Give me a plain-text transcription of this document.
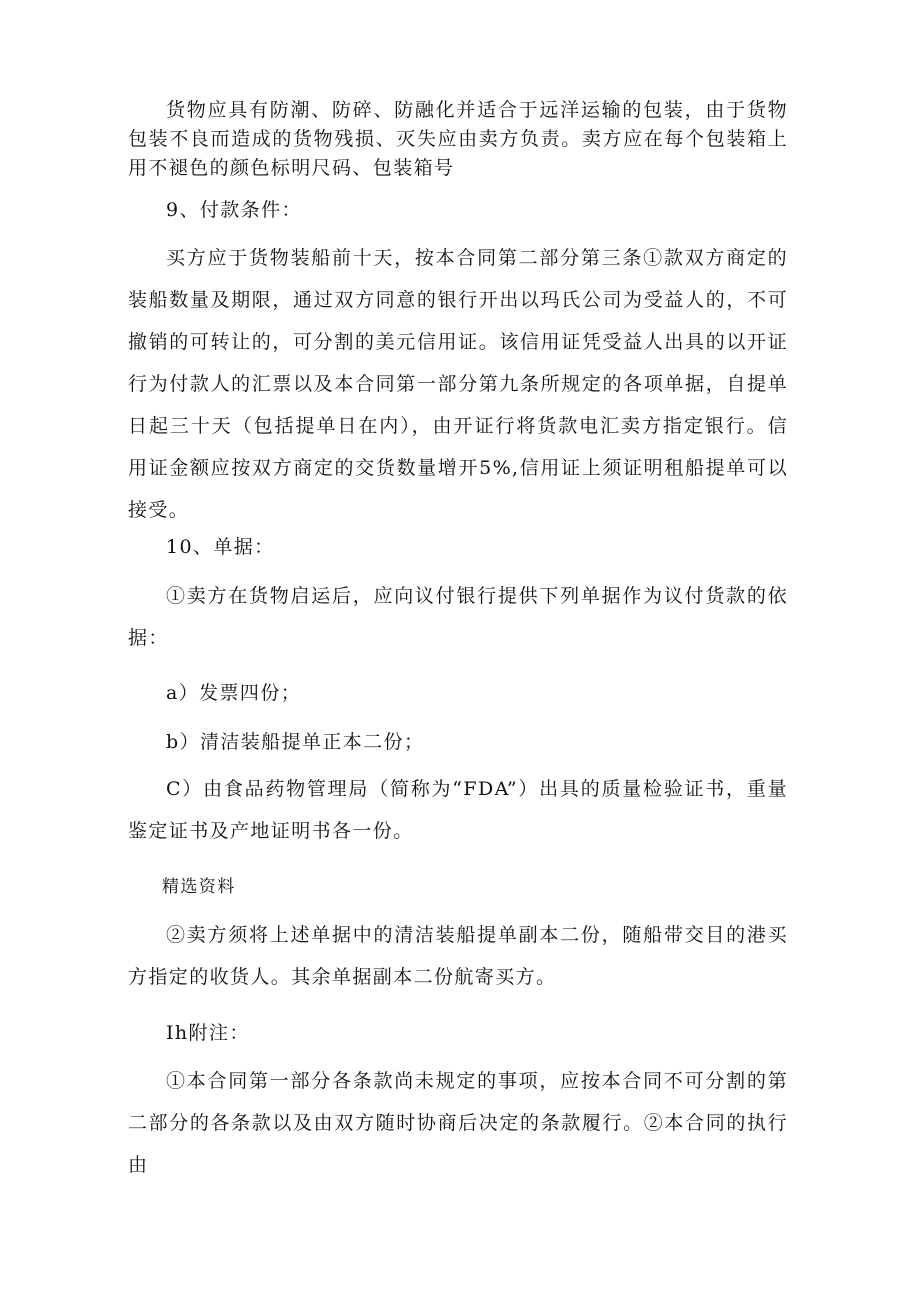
货物应具有防潮、防碎、防融化并适合于远洋运输的包装，由于货物包装不良而造成的货物残损、灭失应由卖方负责。卖方应在每个包装箱上用不褪色的颜色标明尺码、包装箱号

9、付款条件：

买方应于货物装船前十天，按本合同第二部分第三条①款双方商定的装船数量及期限，通过双方同意的银行开出以玛氏公司为受益人的，不可撤销的可转让的，可分割的美元信用证。该信用证凭受益人出具的以开证行为付款人的汇票以及本合同第一部分第九条所规定的各项单据，自提单日起三十天（包括提单日在内），由开证行将货款电汇卖方指定银行。信用证金额应按双方商定的交货数量增开5%,信用证上须证明租船提单可以接受。

10、单据：

①卖方在货物启运后，应向议付银行提供下列单据作为议付货款的依据：

a）发票四份；

b）清洁装船提单正本二份；

C）由食品药物管理局（简称为“FDA”）出具的质量检验证书，重量鉴定证书及产地证明书各一份。

精选资料

②卖方须将上述单据中的清洁装船提单副本二份，随船带交目的港买方指定的收货人。其余单据副本二份航寄买方。

Ih附注：

①本合同第一部分各条款尚未规定的事项，应按本合同不可分割的第二部分的各条款以及由双方随时协商后决定的条款履行。②本合同的执行由
